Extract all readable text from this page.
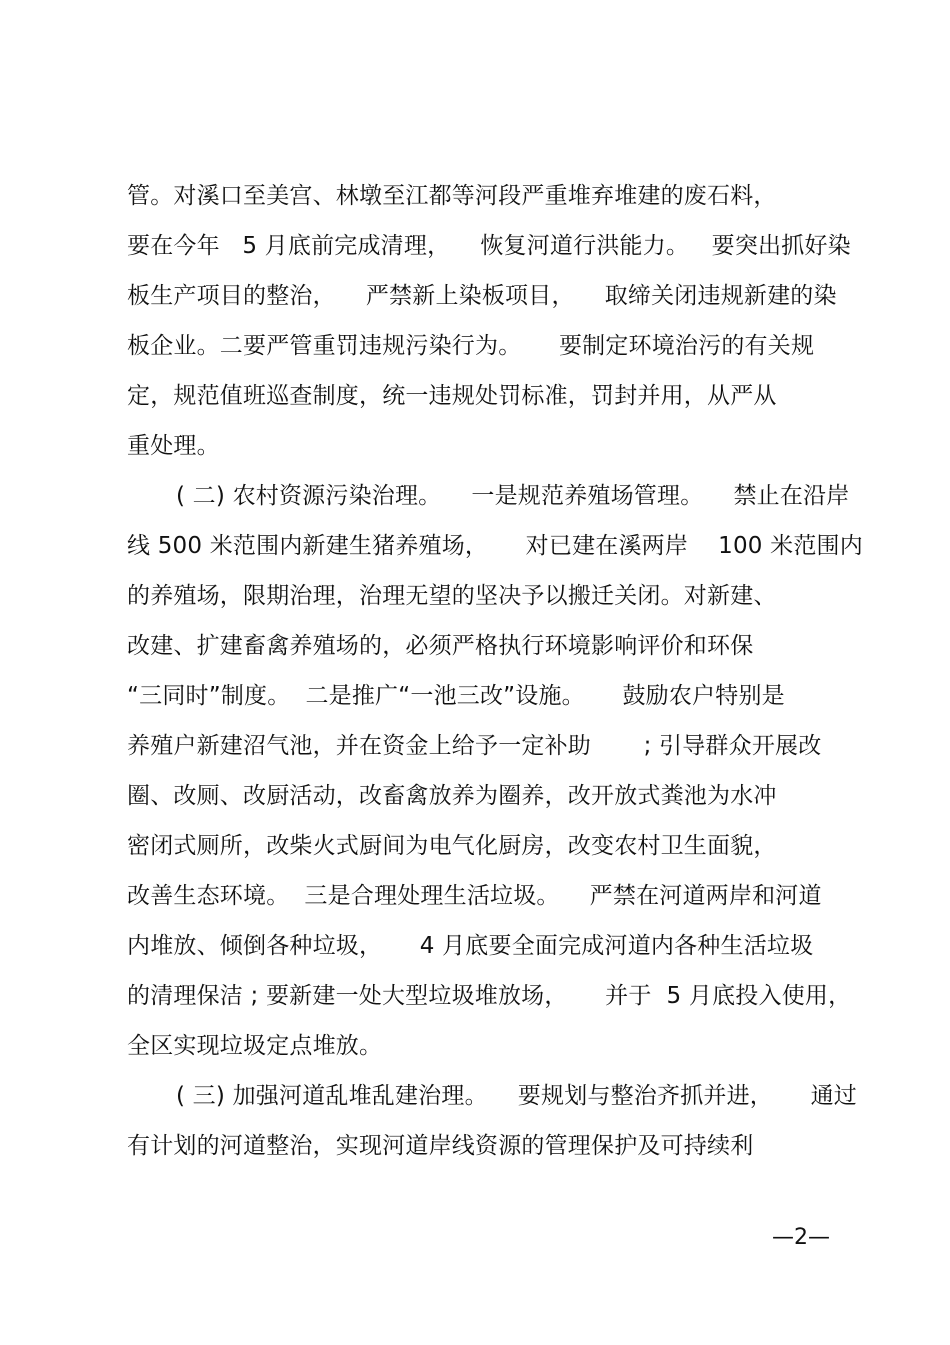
管。对溪口至美宫、林墩至江都等河段严重堆弃堆建的废石料，
要在今年   5 月底前完成清理，    恢复河道行洪能力。   要突出抓好染
板生产项目的整治，    严禁新上染板项目，    取缔关闭违规新建的染
板企业。二要严管重罚违规污染行为。     要制定环境治污的有关规
定，规范值班巡查制度，统一违规处罚标准，罚封并用，从严从
重处理。
( 二) 农村资源污染治理。    一是规范养殖场管理。    禁止在沿岸
线 500 米范围内新建生猪养殖场，     对已建在溪两岸    100 米范围内
的养殖场，限期治理，治理无望的坚决予以搬迁关闭。对新建、
改建、扩建畜禽养殖场的，必须严格执行环境影响评价和环保
“三同时”制度。  二是推广“一池三改”设施。     鼓励农户特别是
养殖户新建沼气池，并在资金上给予一定补助       ; 引导群众开展改
圈、改厕、改厨活动，改畜禽放养为圈养，改开放式粪池为水冲
密闭式厕所，改柴火式厨间为电气化厨房，改变农村卫生面貌，
改善生态环境。  三是合理处理生活垃圾。    严禁在河道两岸和河道
内堆放、倾倒各种垃圾，     4 月底要全面完成河道内各种生活垃圾
的清理保洁 ; 要新建一处大型垃圾堆放场，     并于  5 月底投入使用，
全区实现垃圾定点堆放。
( 三) 加强河道乱堆乱建治理。    要规划与整治齐抓并进，     通过
有计划的河道整治，实现河道岸线资源的管理保护及可持续利
—2—
